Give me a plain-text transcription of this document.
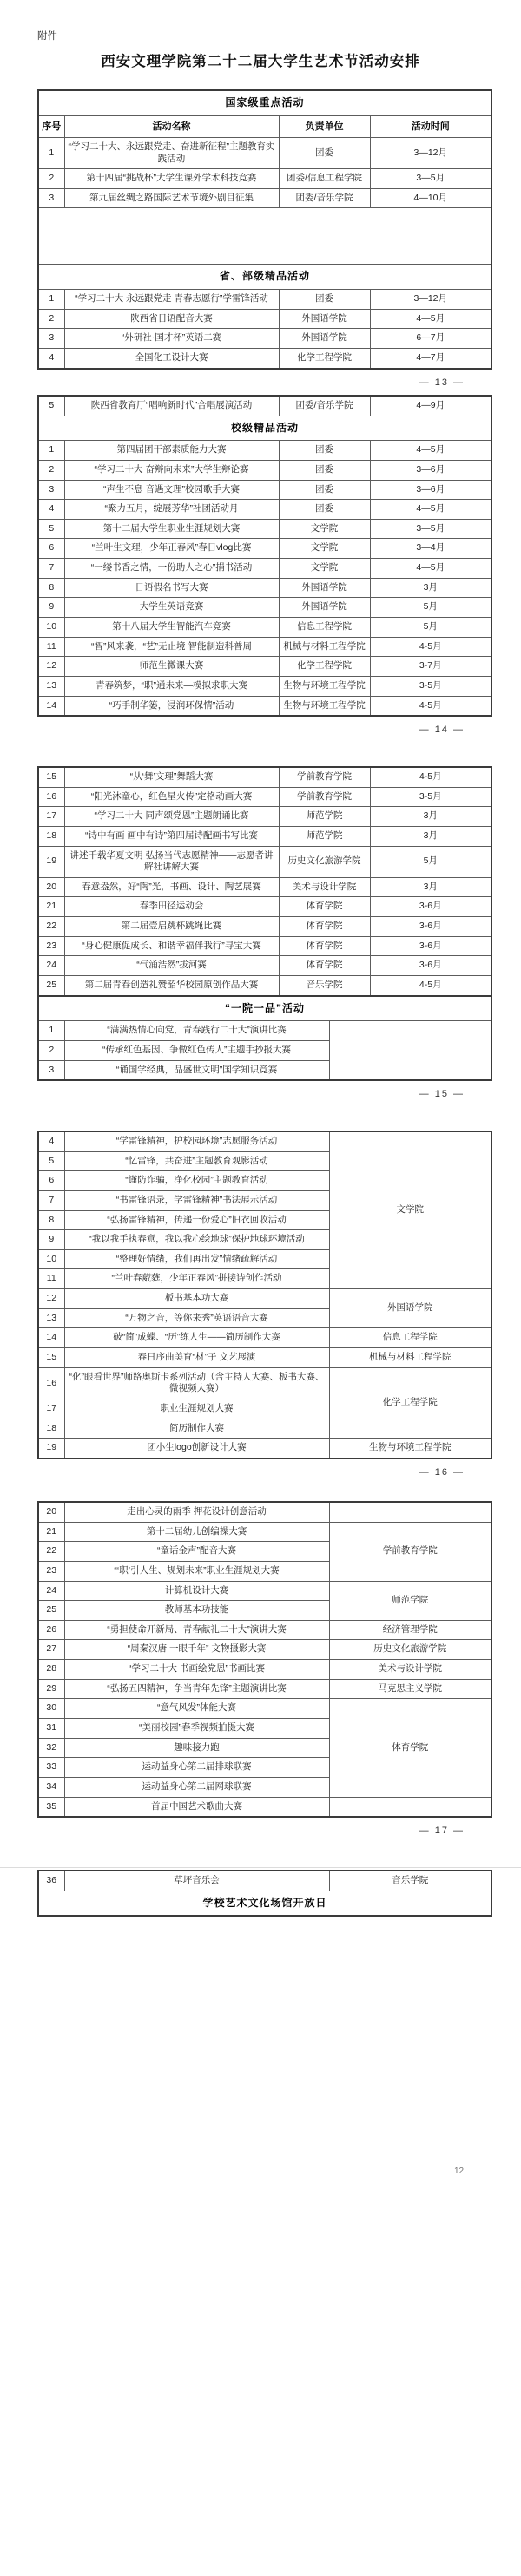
附件
西安文理学院第二十二届大学生艺术节活动安排
国家级重点活动			
序号	活动名称	负责单位	活动时间
1	“学习二十大、永远跟党走、奋进新征程”主题教育实践活动	团委	3—12月
2	第十四届“挑战杯”大学生课外学术科技竞赛	团委/信息工程学院	3—5月
3	第九届丝绸之路国际艺术节境外剧目征集	团委/音乐学院	4—10月

省、部级精品活动			
1	“学习二十大 永远跟党走 青春志愿行”学雷锋活动	团委	3—12月
2	陕西省日语配音大赛	外国语学院	4—5月
3	“外研社·国才杯”英语二赛	外国语学院	6—7月
4	全国化工设计大赛	化学工程学院	4—7月
— 13 —
5	陕西省教育厅“唱响新时代”合唱展演活动	团委/音乐学院	4—9月
校级精品活动			
1	第四届团干部素质能力大赛	团委	4—5月
2	“学习二十大 奋辩向未来”大学生辩论赛	团委	3—6月
3	“声生不息 音遇文理”校园歌手大赛	团委	3—6月
4	“聚力五月，绽展芳华”社团活动月	团委	4—5月
5	第十二届大学生职业生涯规划大赛	文学院	3—5月
6	“兰叶生文理，少年正春风”春日vlog比赛	文学院	3—4月
7	“一缕书香之情，一份助人之心”捐书活动	文学院	4—5月
8	日语假名书写大赛	外国语学院	3月
9	大学生英语竞赛	外国语学院	5月
10	第十八届大学生智能汽车竞赛	信息工程学院	5月
11	“智”风来袭，“艺”无止境 智能制造科普周	机械与材料工程学院	4-5月
12	师范生微课大赛	化学工程学院	3-7月
13	青春筑梦，“职”通未来—模拟求职大赛	生物与环境工程学院	3-5月
14	“巧手制华篓，浸润环保情”活动	生物与环境工程学院	4-5月
— 14 —
15	“从‘舞’文理”舞蹈大赛	学前教育学院	4-5月
16	“阳光沐童心，红色星火传”定格动画大赛	学前教育学院	3-5月
17	“学习二十大 同声颂党恩”主题朗诵比赛	师范学院	3月
18	“诗中有画 画中有诗”第四届诗配画书写比赛	师范学院	3月
19	讲述千载华夏文明 弘扬当代志愿精神——志愿者讲解社讲解大赛	历史文化旅游学院	5月
20	春意盎然，好“陶”光，书画、设计、陶艺展赛	美术与设计学院	3月
21	春季田径运动会	体育学院	3-6月
22	第二届壹启跳杯跳绳比赛	体育学院	3-6月
23	“身心健康促成长、和谐幸福伴我行”寻宝大赛	体育学院	3-6月
24	“气涌浩然”拔河赛	体育学院	3-6月
25	第二届青春创造礼赞韶华校园原创作品大赛	音乐学院	4-5月
“一院一品”活动		
1	“满满热情心向党，青春践行二十大”演讲比赛	
2	“传承红色基因、争做红色传人”主题手抄报大赛	
3	“诵国学经典，品盛世文明”国学知识竞赛	
— 15 —
4	“学雷锋精神，护校园环境”志愿服务活动	文学院
5	“忆雷锋，共奋进”主题教育观影活动	
6	“谨防诈骗，净化校园”主题教育活动	
7	“书雷锋语录，学雷锋精神”书法展示活动	
8	“弘扬雷锋精神，传递一份爱心”旧衣回收活动	
9	“我以我手执春意，我以我心绘地球”保护地球环境活动	
10	“整理好情绪，我们再出发”情绪疏解活动	
11	“兰叶春葳蕤，少年正春风”拼接诗创作活动	
12	板书基本功大赛	外国语学院
13	“万物之音，等你来秀”英语语音大赛	
14	破“简”成蝶、“历”练人生——简历制作大赛	信息工程学院
15	春日序曲美育“材”子 文艺展演	机械与材料工程学院
16	“化”眼看世界”师路奥斯卡系列活动（含主持人大赛、板书大赛、微视频大赛）	化学工程学院
17	职业生涯规划大赛	
18	简历制作大赛	
19	团小生logo创新设计大赛	生物与环境工程学院
— 16 —
20	走出心灵的雨季 押花设计创意活动	
21	第十二届幼儿创编操大赛	学前教育学院
22	“童话金声”配音大赛	
23	“‘职’引人生、规划未来”职业生涯规划大赛	
24	计算机设计大赛	师范学院
25	教师基本功技能	
26	“勇担使命开新局、青春献礼二十大”演讲大赛	经济管理学院
27	“周秦汉唐 一眼千年” 文物摄影大赛	历史文化旅游学院
28	“学习二十大 书画绘党恩”书画比赛	美术与设计学院
29	“弘扬五四精神，争当青年先锋”主题演讲比赛	马克思主义学院
30	“意气风发”体能大赛	体育学院
31	“美丽校园”春季视频拍摄大赛	
32	趣味接力跑	
33	运动益身心第二届排球联赛	
34	运动益身心第二届网球联赛	
35	首届中国艺术歌曲大赛	
— 17 —
36	草坪音乐会	音乐学院
学校艺术文化场馆开放日
12
